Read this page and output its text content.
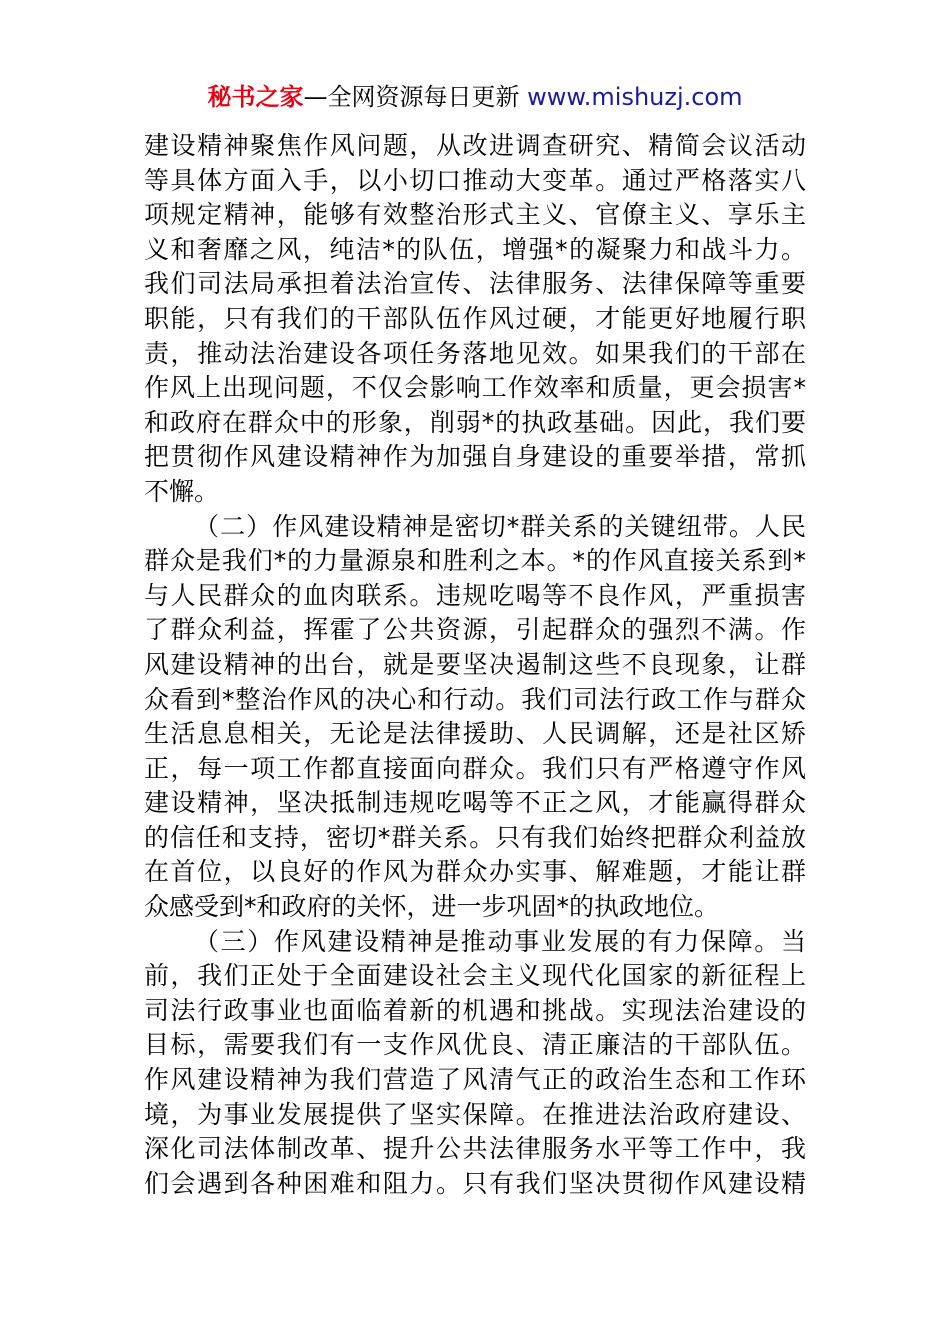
秘书之家—全网资源每日更新 www.mishuzj.com
建设精神聚焦作风问题，从改进调查研究、精简会议活动
等具体方面入手，以小切口推动大变革。通过严格落实八
项规定精神，能够有效整治形式主义、官僚主义、享乐主
义和奢靡之风，纯洁*的队伍，增强*的凝聚力和战斗力。
我们司法局承担着法治宣传、法律服务、法律保障等重要
职能，只有我们的干部队伍作风过硬，才能更好地履行职
责，推动法治建设各项任务落地见效。如果我们的干部在
作风上出现问题，不仅会影响工作效率和质量，更会损害*
和政府在群众中的形象，削弱*的执政基础。因此，我们要
把贯彻作风建设精神作为加强自身建设的重要举措，常抓
不懈。
（二）作风建设精神是密切*群关系的关键纽带。人民
群众是我们*的力量源泉和胜利之本。*的作风直接关系到*
与人民群众的血肉联系。违规吃喝等不良作风，严重损害
了群众利益，挥霍了公共资源，引起群众的强烈不满。作
风建设精神的出台，就是要坚决遏制这些不良现象，让群
众看到*整治作风的决心和行动。我们司法行政工作与群众
生活息息相关，无论是法律援助、人民调解，还是社区矫
正，每一项工作都直接面向群众。我们只有严格遵守作风
建设精神，坚决抵制违规吃喝等不正之风，才能赢得群众
的信任和支持，密切*群关系。只有我们始终把群众利益放
在首位，以良好的作风为群众办实事、解难题，才能让群
众感受到*和政府的关怀，进一步巩固*的执政地位。
（三）作风建设精神是推动事业发展的有力保障。当
前，我们正处于全面建设社会主义现代化国家的新征程上
司法行政事业也面临着新的机遇和挑战。实现法治建设的
目标，需要我们有一支作风优良、清正廉洁的干部队伍。
作风建设精神为我们营造了风清气正的政治生态和工作环
境，为事业发展提供了坚实保障。在推进法治政府建设、
深化司法体制改革、提升公共法律服务水平等工作中，我
们会遇到各种困难和阻力。只有我们坚决贯彻作风建设精
